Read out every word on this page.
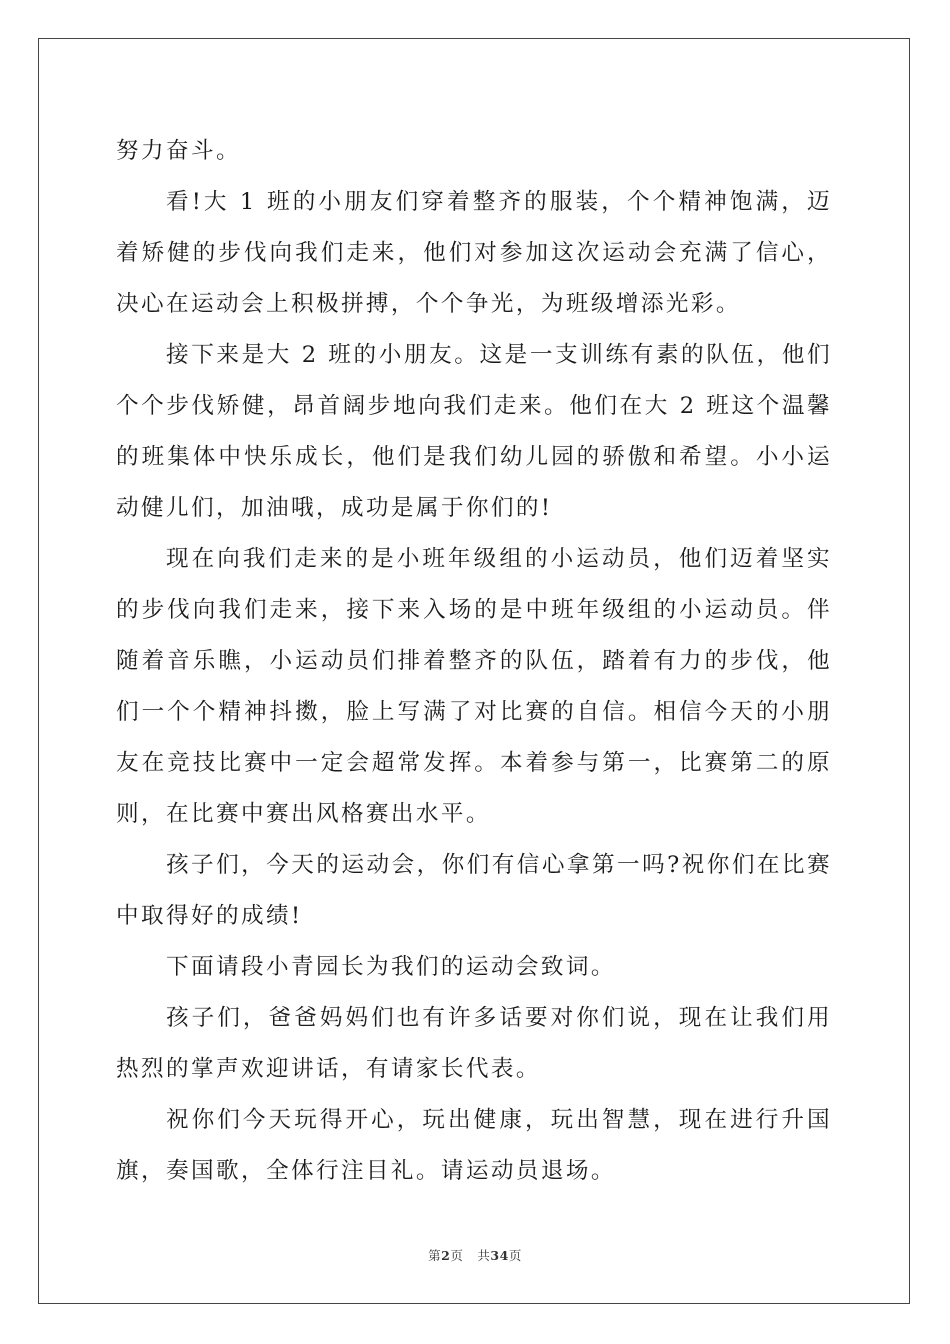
努力奋斗。

看!大 1 班的小朋友们穿着整齐的服装，个个精神饱满，迈着矫健的步伐向我们走来，他们对参加这次运动会充满了信心，决心在运动会上积极拼搏，个个争光，为班级增添光彩。

接下来是大 2 班的小朋友。这是一支训练有素的队伍，他们个个步伐矫健，昂首阔步地向我们走来。他们在大 2 班这个温馨的班集体中快乐成长，他们是我们幼儿园的骄傲和希望。小小运动健儿们，加油哦，成功是属于你们的!

现在向我们走来的是小班年级组的小运动员，他们迈着坚实的步伐向我们走来，接下来入场的是中班年级组的小运动员。伴随着音乐瞧，小运动员们排着整齐的队伍，踏着有力的步伐，他们一个个精神抖擞，脸上写满了对比赛的自信。相信今天的小朋友在竞技比赛中一定会超常发挥。本着参与第一，比赛第二的原则，在比赛中赛出风格赛出水平。

孩子们，今天的运动会，你们有信心拿第一吗?祝你们在比赛中取得好的成绩!

下面请段小青园长为我们的运动会致词。

孩子们，爸爸妈妈们也有许多话要对你们说，现在让我们用热烈的掌声欢迎讲话，有请家长代表。

祝你们今天玩得开心，玩出健康，玩出智慧，现在进行升国旗，奏国歌，全体行注目礼。请运动员退场。

第2页 共34页
